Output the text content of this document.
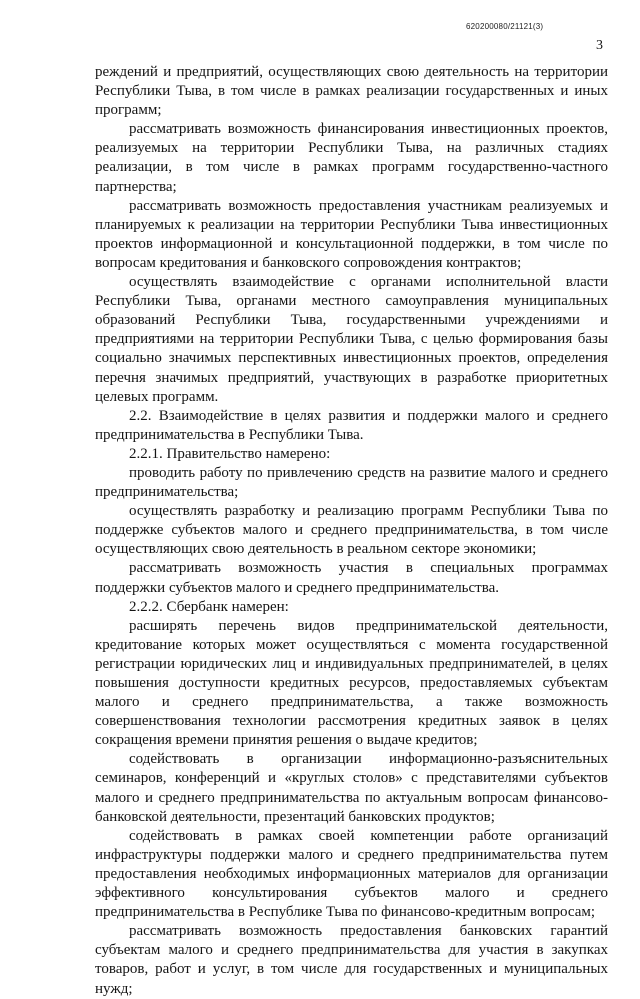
620200080/21121(3)
3

реждений и предприятий, осуществляющих свою деятельность на территории Республики Тыва, в том числе в рамках реализации государственных и иных программ;

рассматривать возможность финансирования инвестиционных проектов, реализуемых на территории Республики Тыва, на различных стадиях реализации, в том числе в рамках программ государственно-частного партнерства;

рассматривать возможность предоставления участникам реализуемых и планируемых к реализации на территории Республики Тыва инвестиционных проектов информационной и консультационной поддержки, в том числе по вопросам кредитования и банковского сопровождения контрактов;

осуществлять взаимодействие с органами исполнительной власти Республики Тыва, органами местного самоуправления муниципальных образований Республики Тыва, государственными учреждениями и предприятиями на территории Республики Тыва, с целью формирования базы социально значимых перспективных инвестиционных проектов, определения перечня значимых предприятий, участвующих в разработке приоритетных целевых программ.

2.2. Взаимодействие в целях развития и поддержки малого и среднего предпринимательства в Республики Тыва.

2.2.1. Правительство намерено:

проводить работу по привлечению средств на развитие малого и среднего предпринимательства;

осуществлять разработку и реализацию программ Республики Тыва по поддержке субъектов малого и среднего предпринимательства, в том числе осуществляющих свою деятельность в реальном секторе экономики;

рассматривать возможность участия в специальных программах поддержки субъектов малого и среднего предпринимательства.

2.2.2. Сбербанк намерен:

расширять перечень видов предпринимательской деятельности, кредитование которых может осуществляться с момента государственной регистрации юридических лиц и индивидуальных предпринимателей, в целях повышения доступности кредитных ресурсов, предоставляемых субъектам малого и среднего предпринимательства, а также возможность совершенствования технологии рассмотрения кредитных заявок в целях сокращения времени принятия решения о выдаче кредитов;

содействовать в организации информационно-разъяснительных семинаров, конференций и «круглых столов» с представителями субъектов малого и среднего предпринимательства по актуальным вопросам финансово-банковской деятельности, презентаций банковских продуктов;

содействовать в рамках своей компетенции работе организаций инфраструктуры поддержки малого и среднего предпринимательства путем предоставления необходимых информационных материалов для организации эффективного консультирования субъектов малого и среднего предпринимательства в Республике Тыва по финансово-кредитным вопросам;

рассматривать возможность предоставления банковских гарантий субъектам малого и среднего предпринимательства для участия в закупках товаров, работ и услуг, в том числе для государственных и муниципальных нужд;
